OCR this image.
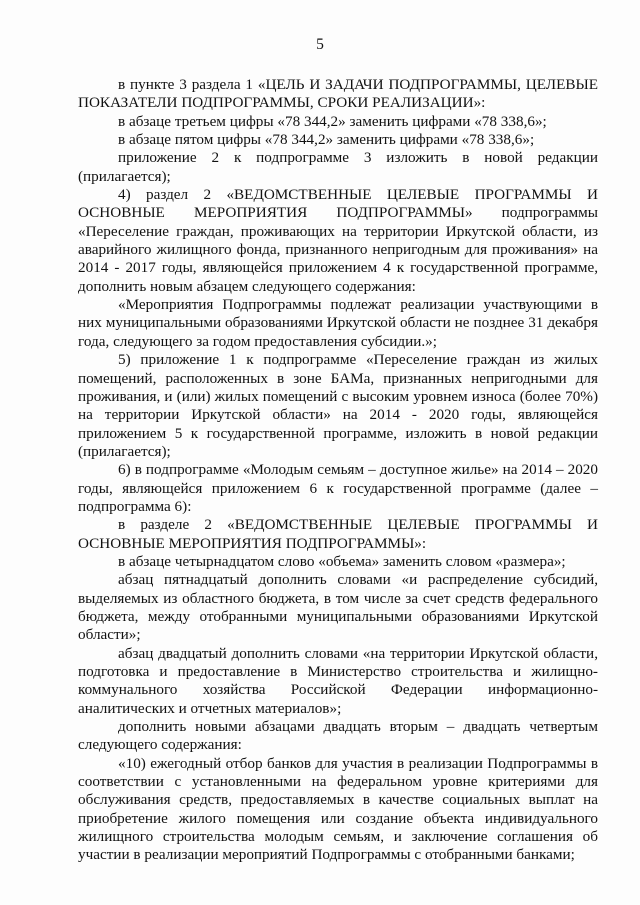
5

в пункте 3 раздела 1 «ЦЕЛЬ И ЗАДАЧИ ПОДПРОГРАММЫ, ЦЕЛЕВЫЕ ПОКАЗАТЕЛИ ПОДПРОГРАММЫ, СРОКИ РЕАЛИЗАЦИИ»:

в абзаце третьем цифры «78 344,2» заменить цифрами «78 338,6»;

в абзаце пятом цифры «78 344,2» заменить цифрами «78 338,6»;

приложение 2 к подпрограмме 3 изложить в новой редакции (прилагается);

4) раздел 2 «ВЕДОМСТВЕННЫЕ ЦЕЛЕВЫЕ ПРОГРАММЫ И ОСНОВНЫЕ МЕРОПРИЯТИЯ ПОДПРОГРАММЫ» подпрограммы «Переселение граждан, проживающих на территории Иркутской области, из аварийного жилищного фонда, признанного непригодным для проживания» на 2014 - 2017 годы, являющейся приложением 4 к государственной программе, дополнить новым абзацем следующего содержания:

«Мероприятия Подпрограммы подлежат реализации участвующими в них муниципальными образованиями Иркутской области не позднее 31 декабря года, следующего за годом предоставления субсидии.»;

5) приложение 1 к подпрограмме «Переселение граждан из жилых помещений, расположенных в зоне БАМа, признанных непригодными для проживания, и (или) жилых помещений с высоким уровнем износа (более 70%) на территории Иркутской области» на 2014 - 2020 годы, являющейся приложением 5 к государственной программе, изложить в новой редакции (прилагается);

6) в подпрограмме «Молодым семьям – доступное жилье» на 2014 – 2020 годы, являющейся приложением 6 к государственной программе (далее – подпрограмма 6):

в разделе 2 «ВЕДОМСТВЕННЫЕ ЦЕЛЕВЫЕ ПРОГРАММЫ И ОСНОВНЫЕ МЕРОПРИЯТИЯ ПОДПРОГРАММЫ»:

в абзаце четырнадцатом слово «объема» заменить словом «размера»;

абзац пятнадцатый дополнить словами «и распределение субсидий, выделяемых из областного бюджета, в том числе за счет средств федерального бюджета, между отобранными муниципальными образованиями Иркутской области»;

абзац двадцатый дополнить словами «на территории Иркутской области, подготовка и предоставление в Министерство строительства и жилищно-коммунального хозяйства Российской Федерации информационно-аналитических и отчетных материалов»;

дополнить новыми абзацами двадцать вторым – двадцать четвертым следующего содержания:

«10) ежегодный отбор банков для участия в реализации Подпрограммы в соответствии с установленными на федеральном уровне критериями для обслуживания средств, предоставляемых в качестве социальных выплат на приобретение жилого помещения или создание объекта индивидуального жилищного строительства молодым семьям, и заключение соглашения об участии в реализации мероприятий Подпрограммы с отобранными банками;
